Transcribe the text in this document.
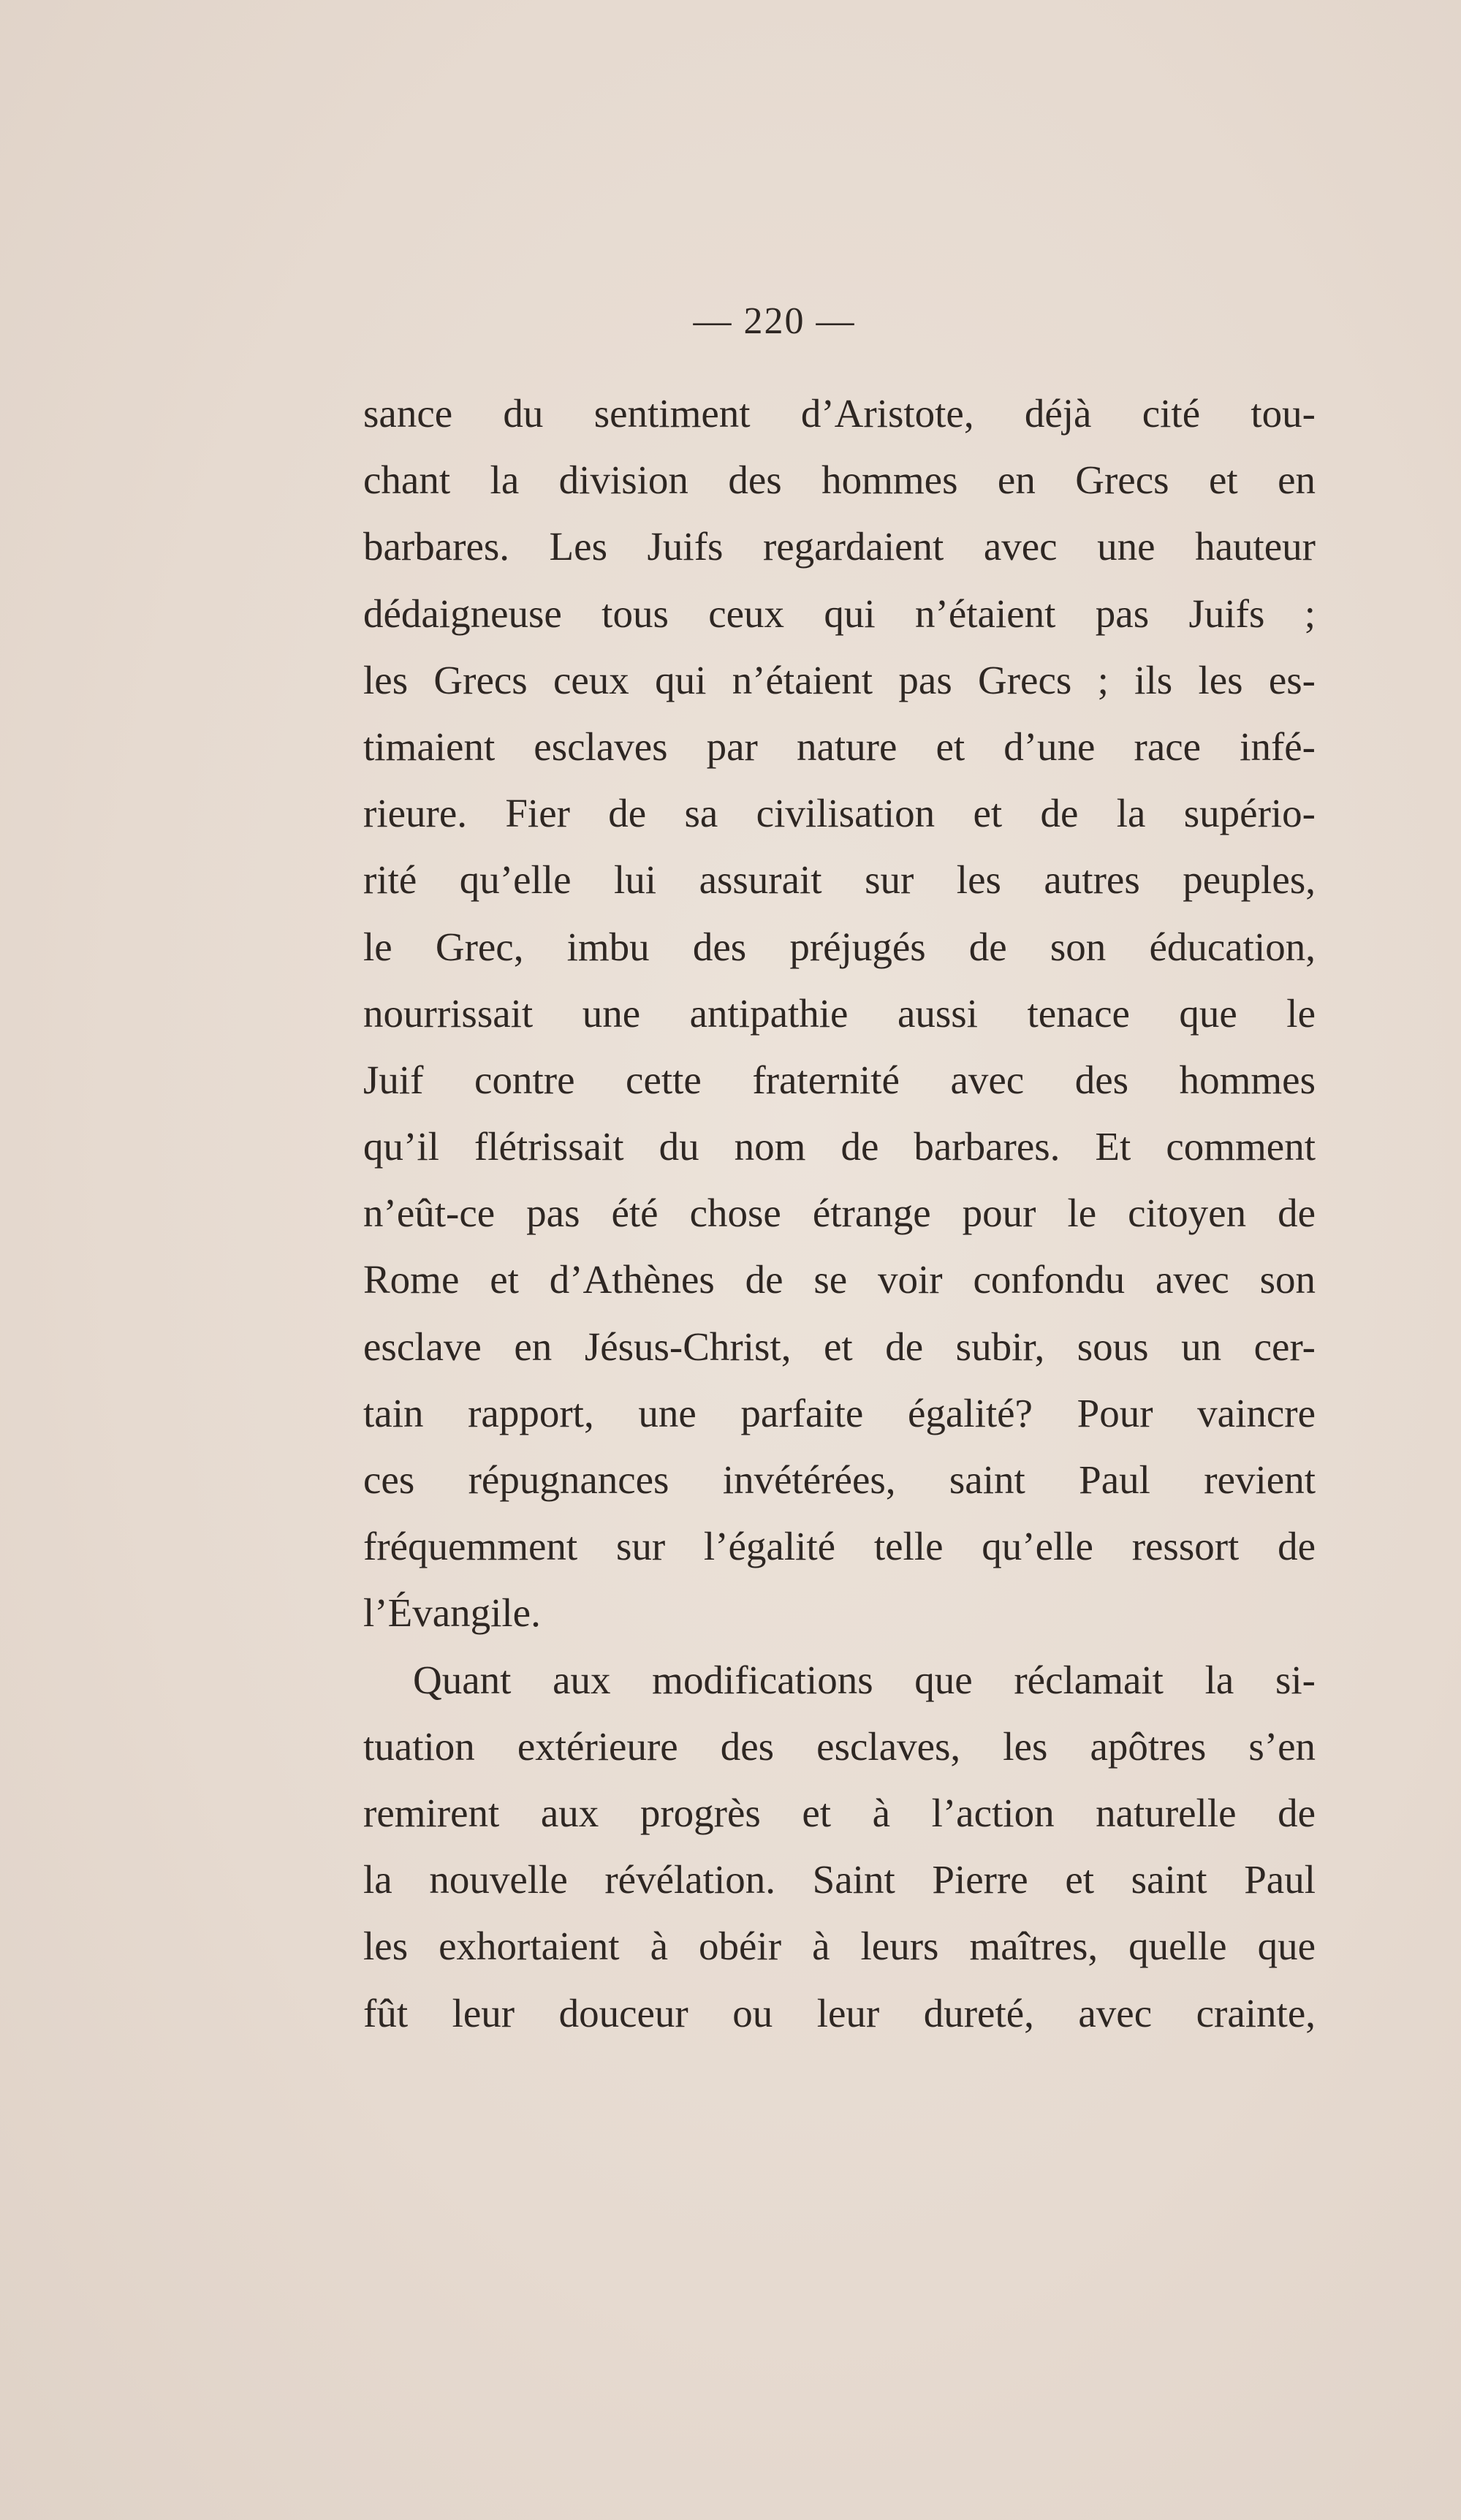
— 220 —
sance du sentiment d’Aristote, déjà cité tou-
chant la division des hommes en Grecs et en
barbares. Les Juifs regardaient avec une hauteur
dédaigneuse tous ceux qui n’étaient pas Juifs ;
les Grecs ceux qui n’étaient pas Grecs ; ils les es-
timaient esclaves par nature et d’une race infé-
rieure. Fier de sa civilisation et de la supério-
rité qu’elle lui assurait sur les autres peuples,
le Grec, imbu des préjugés de son éducation,
nourrissait une antipathie aussi tenace que le
Juif contre cette fraternité avec des hommes
qu’il flétrissait du nom de barbares. Et comment
n’eût-ce pas été chose étrange pour le citoyen de
Rome et d’Athènes de se voir confondu avec son
esclave en Jésus-Christ, et de subir, sous un cer-
tain rapport, une parfaite égalité? Pour vaincre
ces répugnances invétérées, saint Paul revient
fréquemment sur l’égalité telle qu’elle ressort de
l’Évangile.
Quant aux modifications que réclamait la si-
tuation extérieure des esclaves, les apôtres s’en
remirent aux progrès et à l’action naturelle de
la nouvelle révélation. Saint Pierre et saint Paul
les exhortaient à obéir à leurs maîtres, quelle que
fût leur douceur ou leur dureté, avec crainte,
